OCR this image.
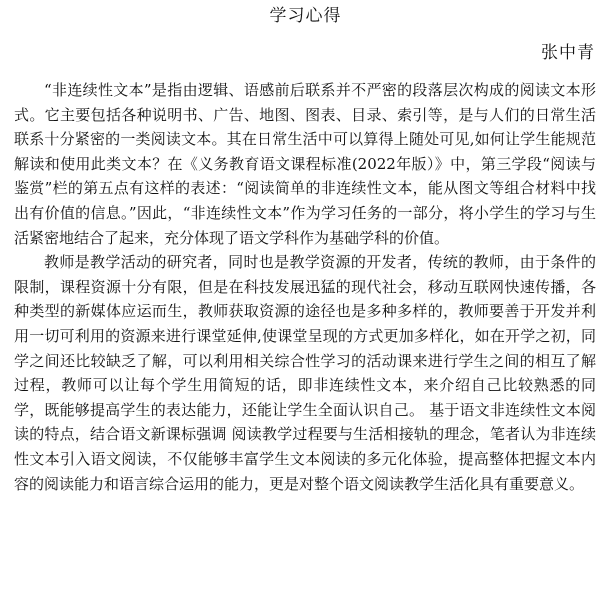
学习心得
张中青

“非连续性文本”是指由逻辑、语感前后联系并不严密的段落层次构成的阅读文本形式。它主要包括各种说明书、广告、地图、图表、目录、索引等，是与人们的日常生活联系十分紧密的一类阅读文本。其在日常生活中可以算得上随处可见,如何让学生能规范解读和使用此类文本？在《义务教育语文课程标准(2022年版）》中，第三学段“阅读与鉴赏”栏的第五点有这样的表述：“阅读简单的非连续性文本，能从图文等组合材料中找出有价值的信息。”因此，“非连续性文本”作为学习任务的一部分，将小学生的学习与生活紧密地结合了起来，充分体现了语文学科作为基础学科的价值。

教师是教学活动的研究者，同时也是教学资源的开发者，传统的教师，由于条件的限制，课程资源十分有限，但是在科技发展迅猛的现代社会，移动互联网快速传播，各种类型的新媒体应运而生，教师获取资源的途径也是多种多样的，教师要善于开发并利用一切可利用的资源来进行课堂延伸,使课堂呈现的方式更加多样化，如在开学之初，同学之间还比较缺乏了解，可以利用相关综合性学习的活动课来进行学生之间的相互了解过程，教师可以让每个学生用简短的话，即非连续性文本，来介绍自己比较熟悉的同学，既能够提高学生的表达能力，还能让学生全面认识自己。 基于语文非连续性文本阅读的特点，结合语文新课标强调 阅读教学过程要与生活相接轨的理念，笔者认为非连续性文本引入语文阅读，不仅能够丰富学生文本阅读的多元化体验，提高整体把握文本内容的阅读能力和语言综合运用的能力，更是对整个语文阅读教学生活化具有重要意义。
